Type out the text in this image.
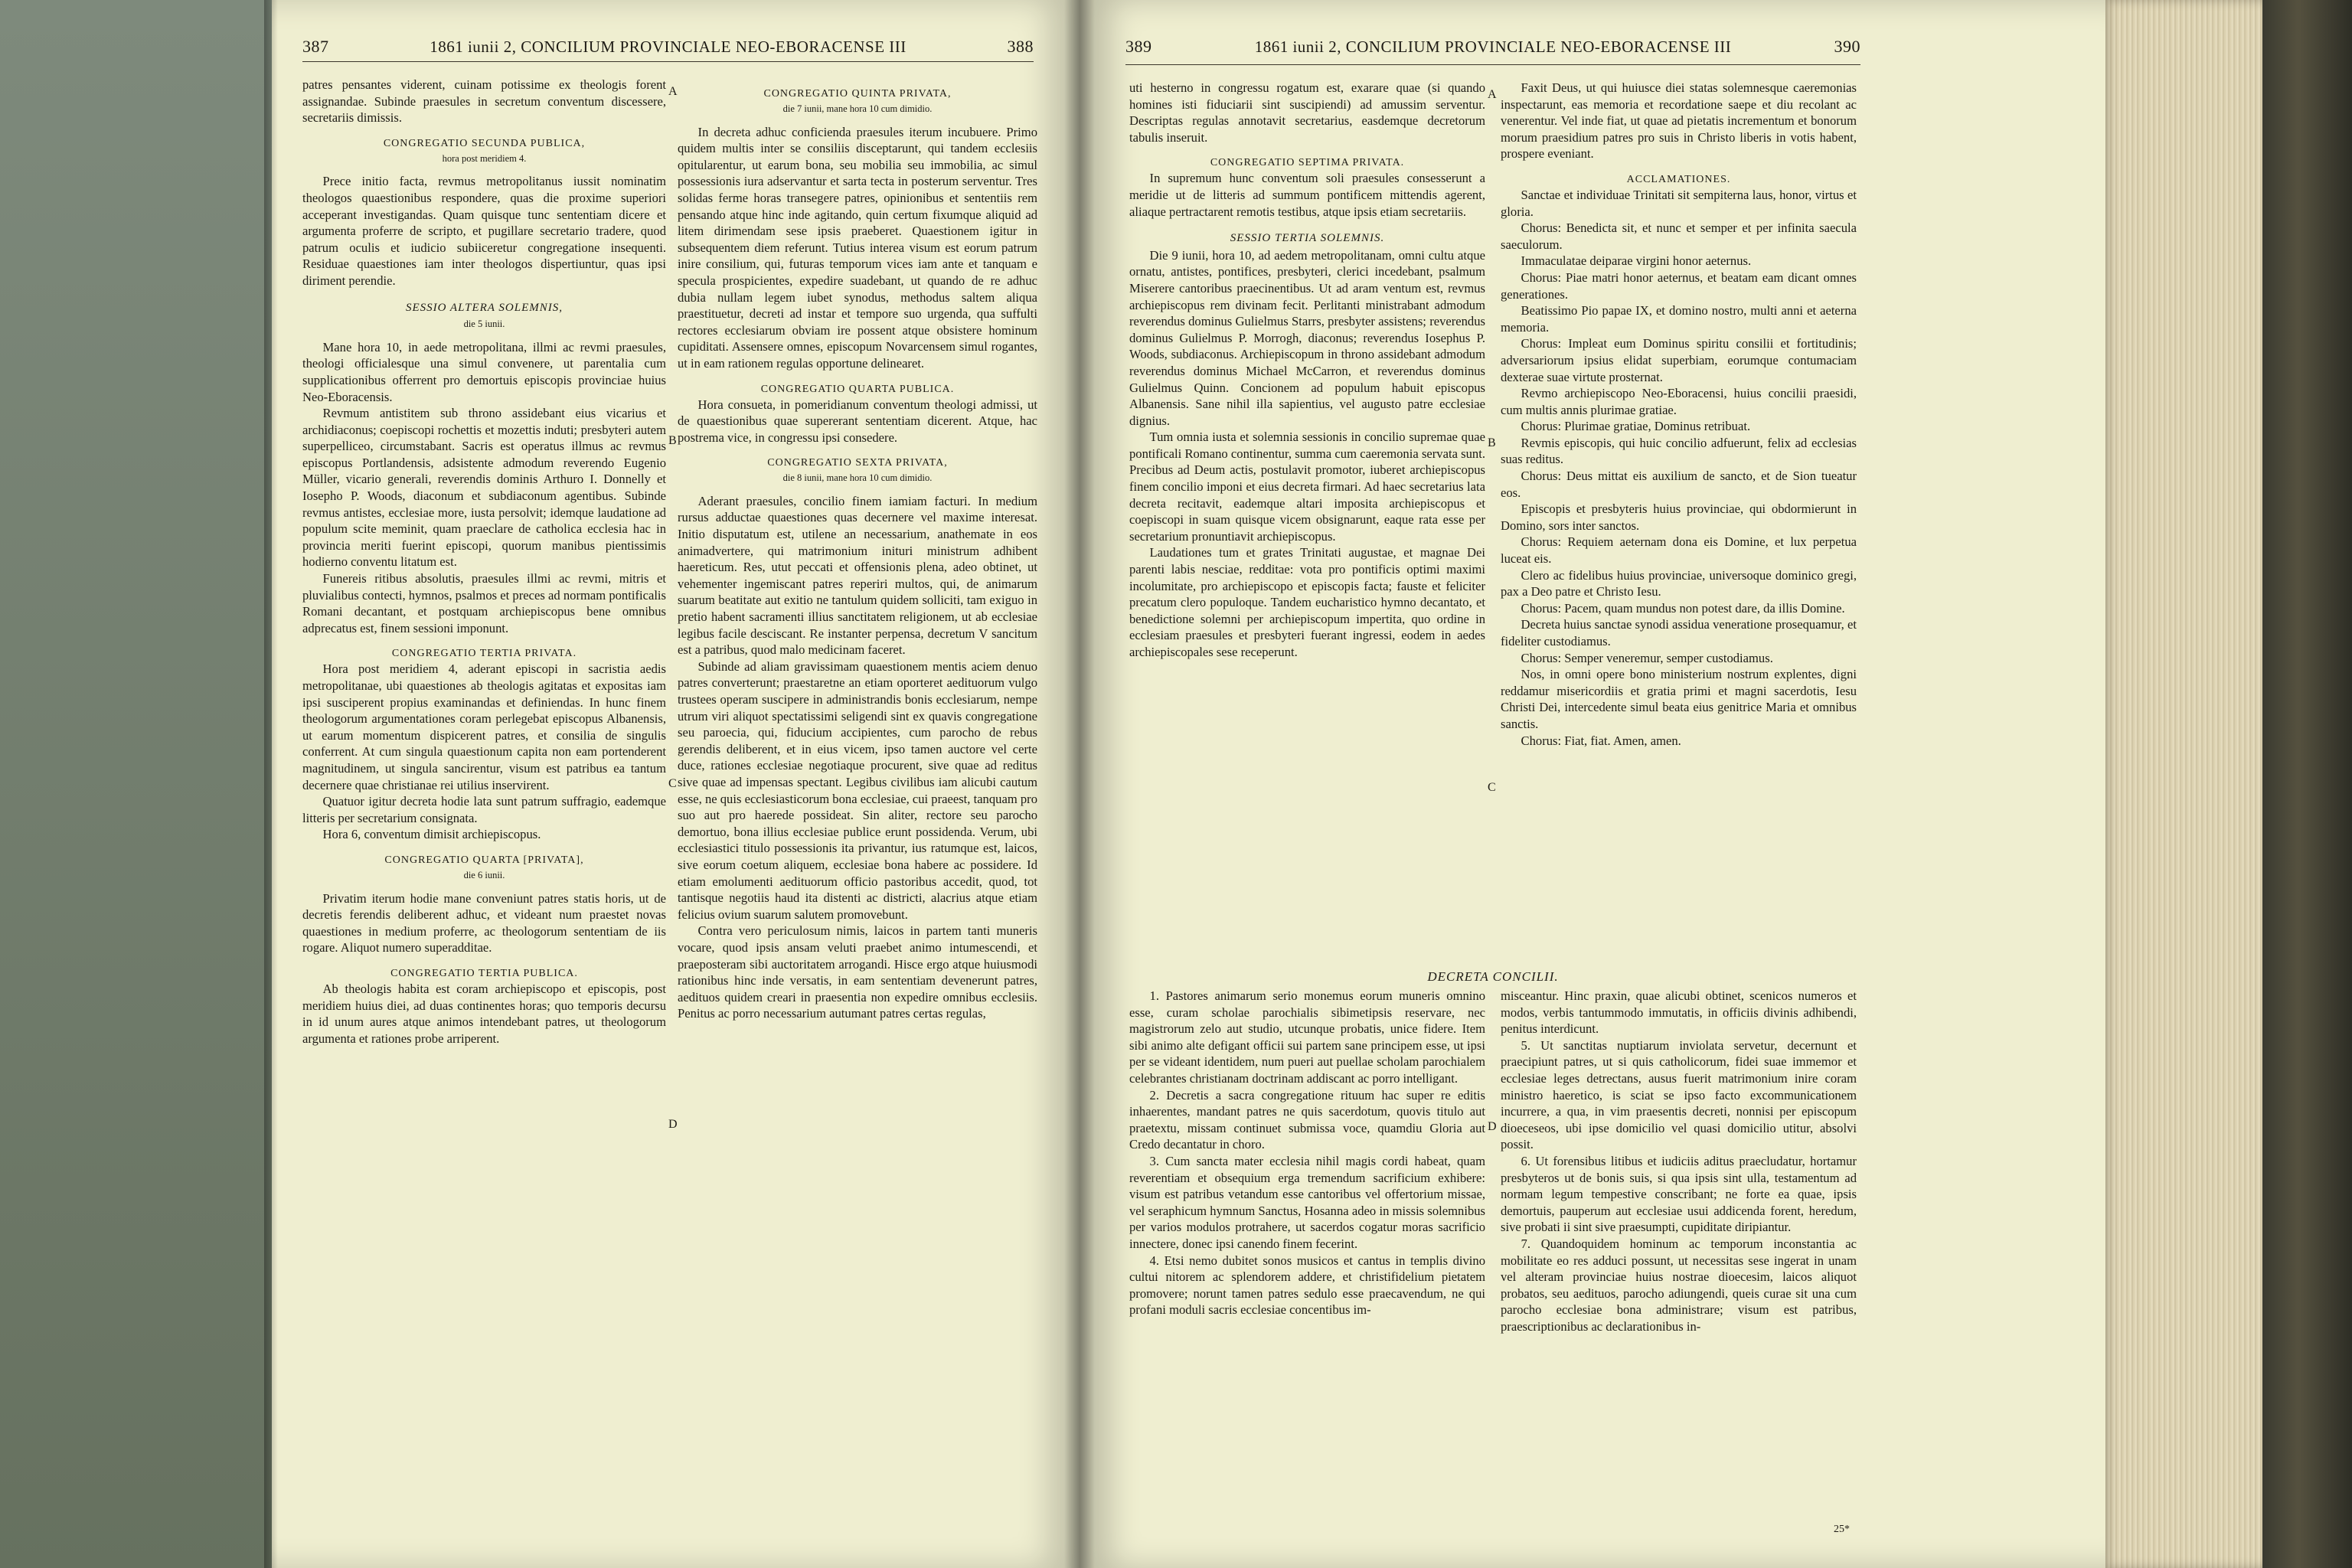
387	1861 iunii 2, CONCILIUM PROVINCIALE NEO-EBORACENSE III	388

patres pensantes viderent, cuinam potissime ex theologis forent assignandae. Subinde praesules in secretum conventum discessere, secretariis dimissis.

CONGREGATIO SECUNDA PUBLICA,
hora post meridiem 4.

Prece initio facta, revmus metropolitanus iussit nominatim theologos quaestionibus respondere, quas die proxime superiori acceperant investigandas. Quam quisque tunc sententiam dicere et argumenta proferre de scripto, et pugillare secretario tradere, quod patrum oculis et iudicio subiiceretur congregatione insequenti. Residuae quaestiones iam inter theologos dispertiuntur, quas ipsi diriment perendie.

SESSIO ALTERA SOLEMNIS,
die 5 iunii.

Mane hora 10, in aede metropolitana, illmi ac revmi praesules, theologi officialesque una simul convenere, ut parentalia cum supplicationibus offerrent pro demortuis episcopis provinciae huius Neo-Eboracensis.

Revmum antistitem sub throno assidebant eius vicarius et archidiaconus; coepiscopi rochettis et mozettis induti; presbyteri autem superpelliceo, circumstabant. Sacris est operatus illmus ac revmus episcopus Portlandensis, adsistente admodum reverendo Eugenio Müller, vicario generali, reverendis dominis Arthuro I. Donnelly et Iosepho P. Woods, diaconum et subdiaconum agentibus. Subinde revmus antistes, ecclesiae more, iusta persolvit; idemque laudatione ad populum scite meminit, quam praeclare de catholica ecclesia hac in provincia meriti fuerint episcopi, quorum manibus pientissimis hodierno conventu litatum est.

Funereis ritibus absolutis, praesules illmi ac revmi, mitris et pluvialibus contecti, hymnos, psalmos et preces ad normam pontificalis Romani decantant, et postquam archiepiscopus bene omnibus adprecatus est, finem sessioni imponunt.

CONGREGATIO TERTIA PRIVATA.

Hora post meridiem 4, aderant episcopi in sacristia aedis metropolitanae, ubi quaestiones ab theologis agitatas et expositas iam ipsi susciperent propius examinandas et definiendas. In hunc finem theologorum argumentationes coram perlegebat episcopus Albanensis, ut earum momentum dispicerent patres, et consilia de singulis conferrent. At cum singula quaestionum capita non eam portenderent magnitudinem, ut singula sancirentur, visum est patribus ea tantum decernere quae christianae rei utilius inservirent.

Quatuor igitur decreta hodie lata sunt patrum suffragio, eademque litteris per secretarium consignata.

Hora 6, conventum dimisit archiepiscopus.

CONGREGATIO QUARTA [PRIVATA],
die 6 iunii.

Privatim iterum hodie mane conveniunt patres statis horis, ut de decretis ferendis deliberent adhuc, et videant num praestet novas quaestiones in medium proferre, ac theologorum sententiam de iis rogare. Aliquot numero superadditae.

CONGREGATIO TERTIA PUBLICA.

Ab theologis habita est coram archiepiscopo et episcopis, post meridiem huius diei, ad duas continentes horas; quo temporis decursu in id unum aures atque animos intendebant patres, ut theologorum argumenta et rationes probe arriperent.

CONGREGATIO QUINTA PRIVATA,
die 7 iunii, mane hora 10 cum dimidio.

In decreta adhuc conficienda praesules iterum incubuere. Primo quidem multis inter se consiliis disceptarunt, qui tandem ecclesiis opitularentur, ut earum bona, seu mobilia seu immobilia, ac simul possessionis iura adservantur et sarta tecta in posterum serventur. Tres solidas ferme horas transegere patres, opinionibus et sententiis rem pensando atque hinc inde agitando, quin certum fixumque aliquid ad litem dirimendam sese ipsis praeberet. Quaestionem igitur in subsequentem diem referunt. Tutius interea visum est eorum patrum inire consilium, qui, futuras temporum vices iam ante et tanquam e specula prospicientes, expedire suadebant, ut quando de re adhuc dubia nullam legem iubet synodus, methodus saltem aliqua praestituetur, decreti ad instar et tempore suo urgenda, qua suffulti rectores ecclesiarum obviam ire possent atque obsistere hominum cupiditati. Assensere omnes, episcopum Novarcensem simul rogantes, ut in eam rationem regulas opportune delinearet.

CONGREGATIO QUARTA PUBLICA.

Hora consueta, in pomeridianum conventum theologi admissi, ut de quaestionibus quae supererant sententiam dicerent. Atque, hac postrema vice, in congressu ipsi consedere.

CONGREGATIO SEXTA PRIVATA,
die 8 iunii, mane hora 10 cum dimidio.

Aderant praesules, concilio finem iamiam facturi. In medium rursus adductae quaestiones quas decernere vel maxime interesat. Initio disputatum est, utilene an necessarium, anathemate in eos animadvertere, qui matrimonium inituri ministrum adhibent haereticum. Res, utut peccati et offensionis plena, adeo obtinet, ut vehementer ingemiscant patres reperiri multos, qui, de animarum suarum beatitate aut exitio ne tantulum quidem solliciti, tam exiguo in pretio habent sacramenti illius sanctitatem religionem, ut ab ecclesiae legibus facile desciscant. Re instanter perpensa, decretum V sancitum est a patribus, quod malo medicinam faceret.

Subinde ad aliam gravissimam quaestionem mentis aciem denuo patres converterunt; praestaretne an etiam oporteret aedituorum vulgo trustees operam suscipere in administrandis bonis ecclesiarum, nempe utrum viri aliquot spectatissimi seligendi sint ex quavis congregatione seu paroecia, qui, fiducium accipientes, cum parocho de rebus gerendis deliberent, et in eius vicem, ipso tamen auctore vel certe duce, rationes ecclesiae negotiaque procurent, sive quae ad reditus sive quae ad impensas spectant. Legibus civilibus iam alicubi cautum esse, ne quis ecclesiasticorum bona ecclesiae, cui praeest, tanquam pro suo aut pro haerede possideat. Sin aliter, rectore seu parocho demortuo, bona illius ecclesiae publice erunt possidenda. Verum, ubi ecclesiastici titulo possessionis ita privantur, ius ratumque est, laicos, sive eorum coetum aliquem, ecclesiae bona habere ac possidere. Id etiam emolumenti aedituorum officio pastoribus accedit, quod, tot tantisque negotiis haud ita distenti ac districti, alacrius atque etiam felicius ovium suarum salutem promovebunt.

Contra vero periculosum nimis, laicos in partem tanti muneris vocare, quod ipsis ansam veluti praebet animo intumescendi, et praeposteram sibi auctoritatem arrogandi. Hisce ergo atque huiusmodi rationibus hinc inde versatis, in eam sententiam devenerunt patres, aedituos quidem creari in praesentia non expedire omnibus ecclesiis. Penitus ac porro necessarium autumant patres certas regulas,

A
B
C
D
389	1861 iunii 2, CONCILIUM PROVINCIALE NEO-EBORACENSE III	390

uti hesterno in congressu rogatum est, exarare quae (si quando homines isti fiduciarii sint suscipiendi) ad amussim serventur. Descriptas regulas annotavit secretarius, easdemque decretorum tabulis inseruit.

CONGREGATIO SEPTIMA PRIVATA.

In supremum hunc conventum soli praesules consesserunt a meridie ut de litteris ad summum pontificem mittendis agerent, aliaque pertractarent remotis testibus, atque ipsis etiam secretariis.

SESSIO TERTIA SOLEMNIS.

Die 9 iunii, hora 10, ad aedem metropolitanam, omni cultu atque ornatu, antistes, pontifices, presbyteri, clerici incedebant, psalmum Miserere cantoribus praecinentibus. Ut ad aram ventum est, revmus archiepiscopus rem divinam fecit. Perlitanti ministrabant admodum reverendus dominus Gulielmus Starrs, presbyter assistens; reverendus dominus Gulielmus P. Morrogh, diaconus; reverendus Iosephus P. Woods, subdiaconus. Archiepiscopum in throno assidebant admodum reverendus dominus Michael McCarron, et reverendus dominus Gulielmus Quinn. Concionem ad populum habuit episcopus Albanensis. Sane nihil illa sapientius, vel augusto patre ecclesiae dignius.

Tum omnia iusta et solemnia sessionis in concilio supremae quae pontificali Romano continentur, summa cum caeremonia servata sunt. Precibus ad Deum actis, postulavit promotor, iuberet archiepiscopus finem concilio imponi et eius decreta firmari. Ad haec secretarius lata decreta recitavit, eademque altari imposita archiepiscopus et coepiscopi in suam quisque vicem obsignarunt, eaque rata esse per secretarium pronuntiavit archiepiscopus.

Laudationes tum et grates Trinitati augustae, et magnae Dei parenti labis nesciae, redditae: vota pro pontificis optimi maximi incolumitate, pro archiepiscopo et episcopis facta; fauste et feliciter precatum clero populoque. Tandem eucharistico hymno decantato, et benedictione solemni per archiepiscopum impertita, quo ordine in ecclesiam praesules et presbyteri fuerant ingressi, eodem in aedes archiepiscopales sese receperunt.

Faxit Deus, ut qui huiusce diei statas solemnesque caeremonias inspectarunt, eas memoria et recordatione saepe et diu recolant ac venerentur. Vel inde fiat, ut quae ad pietatis incrementum et bonorum morum praesidium patres pro suis in Christo liberis in votis habent, prospere eveniant.

ACCLAMATIONES.

Sanctae et individuae Trinitati sit sempiterna laus, honor, virtus et gloria.

Chorus: Benedicta sit, et nunc et semper et per infinita saecula saeculorum.

Immaculatae deiparae virgini honor aeternus.

Chorus: Piae matri honor aeternus, et beatam eam dicant omnes generationes.

Beatissimo Pio papae IX, et domino nostro, multi anni et aeterna memoria.

Chorus: Impleat eum Dominus spiritu consilii et fortitudinis; adversariorum ipsius elidat superbiam, eorumque contumaciam dexterae suae virtute prosternat.

Revmo archiepiscopo Neo-Eboracensi, huius concilii praesidi, cum multis annis plurimae gratiae.

Chorus: Plurimae gratiae, Dominus retribuat.

Revmis episcopis, qui huic concilio adfuerunt, felix ad ecclesias suas reditus.

Chorus: Deus mittat eis auxilium de sancto, et de Sion tueatur eos.

Episcopis et presbyteris huius provinciae, qui obdormierunt in Domino, sors inter sanctos.

Chorus: Requiem aeternam dona eis Domine, et lux perpetua luceat eis.

Clero ac fidelibus huius provinciae, universoque dominico gregi, pax a Deo patre et Christo Iesu.

Chorus: Pacem, quam mundus non potest dare, da illis Domine.

Decreta huius sanctae synodi assidua veneratione prosequamur, et fideliter custodiamus.

Chorus: Semper veneremur, semper custodiamus.

Nos, in omni opere bono ministerium nostrum explentes, digni reddamur misericordiis et gratia primi et magni sacerdotis, Iesu Christi Dei, intercedente simul beata eius genitrice Maria et omnibus sanctis.

Chorus: Fiat, fiat. Amen, amen.

DECRETA CONCILII.

1. Pastores animarum serio monemus eorum muneris omnino esse, curam scholae parochialis sibimetipsis reservare, nec magistrorum zelo aut studio, utcunque probatis, unice fidere. Item sibi animo alte defigant officii sui partem sane principem esse, ut ipsi per se videant identidem, num pueri aut puellae scholam parochialem celebrantes christianam doctrinam addiscant ac porro intelligant.

2. Decretis a sacra congregatione rituum hac super re editis inhaerentes, mandant patres ne quis sacerdotum, quovis titulo aut praetextu, missam continuet submissa voce, quamdiu Gloria aut Credo decantatur in choro.

3. Cum sancta mater ecclesia nihil magis cordi habeat, quam reverentiam et obsequium erga tremendum sacrificium exhibere: visum est patribus vetandum esse cantoribus vel offertorium missae, vel seraphicum hymnum Sanctus, Hosanna adeo in missis solemnibus per varios modulos protrahere, ut sacerdos cogatur moras sacrificio innectere, donec ipsi canendo finem fecerint.

4. Etsi nemo dubitet sonos musicos et cantus in templis divino cultui nitorem ac splendorem addere, et christifidelium pietatem promovere; norunt tamen patres sedulo esse praecavendum, ne qui profani moduli sacris ecclesiae concentibus im-

misceantur. Hinc praxin, quae alicubi obtinet, scenicos numeros et modos, verbis tantummodo immutatis, in officiis divinis adhibendi, penitus interdicunt.

5. Ut sanctitas nuptiarum inviolata servetur, decernunt et praecipiunt patres, ut si quis catholicorum, fidei suae immemor et ecclesiae leges detrectans, ausus fuerit matrimonium inire coram ministro haeretico, is sciat se ipso facto excommunicationem incurrere, a qua, in vim praesentis decreti, nonnisi per episcopum dioeceseos, ubi ipse domicilio vel quasi domicilio utitur, absolvi possit.

6. Ut forensibus litibus et iudiciis aditus praecludatur, hortamur presbyteros ut de bonis suis, si qua ipsis sint ulla, testamentum ad normam legum tempestive conscribant; ne forte ea quae, ipsis demortuis, pauperum aut ecclesiae usui addicenda forent, heredum, sive probati ii sint sive praesumpti, cupiditate diripiantur.

7. Quandoquidem hominum ac temporum inconstantia ac mobilitate eo res adduci possunt, ut necessitas sese ingerat in unam vel alteram provinciae huius nostrae dioecesim, laicos aliquot probatos, seu aedituos, parocho adiungendi, queis curae sit una cum parocho ecclesiae bona administrare; visum est patribus, praescriptionibus ac declarationibus in-

A
B
C
D
25*
